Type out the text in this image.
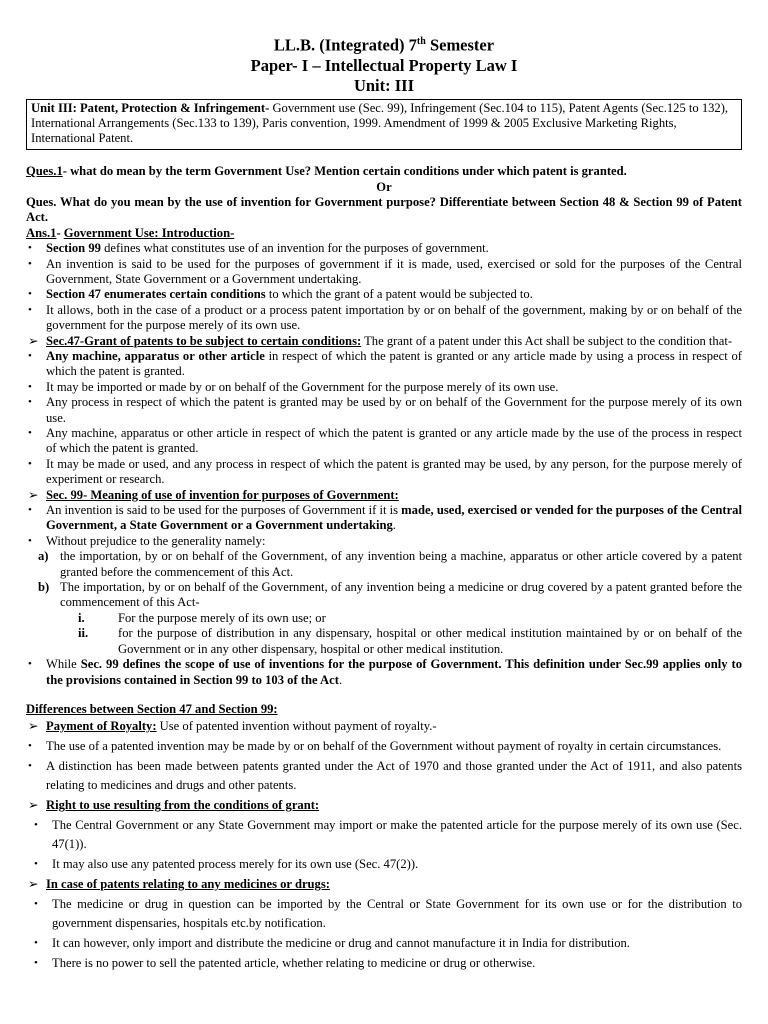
LL.B. (Integrated) 7th Semester
Paper- I – Intellectual Property Law I
Unit: III
Unit III: Patent, Protection & Infringement- Government use (Sec. 99), Infringement (Sec.104 to 115), Patent Agents (Sec.125 to 132), International Arrangements (Sec.133 to 139), Paris convention, 1999. Amendment of 1999 & 2005 Exclusive Marketing Rights, International Patent.

Ques.1- what do mean by the term Government Use? Mention certain conditions under which patent is granted.

Or

Ques. What do you mean by the use of invention for Government purpose? Differentiate between Section 48 & Section 99 of Patent Act.

Ans.1- Government Use: Introduction-

•	Section 99 defines what constitutes use of an invention for the purposes of government.
•	An invention is said to be used for the purposes of government if it is made, used, exercised or sold for the purposes of the Central Government, State Government or a Government undertaking.
•	Section 47 enumerates certain conditions to which the grant of a patent would be subjected to.
•	It allows, both in the case of a product or a process patent importation by or on behalf of the government, making by or on behalf of the government for the purpose merely of its own use.
➢ Sec.47-Grant of patents to be subject to certain conditions: The grant of a patent under this Act shall be subject to the condition that-
•	Any machine, apparatus or other article in respect of which the patent is granted or any article made by using a process in respect of which the patent is granted.
•	It may be imported or made by or on behalf of the Government for the purpose merely of its own use.
•	Any process in respect of which the patent is granted may be used by or on behalf of the Government for the purpose merely of its own use.
•	Any machine, apparatus or other article in respect of which the patent is granted or any article made by the use of the process in respect of which the patent is granted.
•	It may be made or used, and any process in respect of which the patent is granted may be used, by any person, for the purpose merely of experiment or research.
➢ Sec. 99- Meaning of use of invention for purposes of Government:
•	An invention is said to be used for the purposes of Government if it is made, used, exercised or vended for the purposes of the Central Government, a State Government or a Government undertaking.
•	Without prejudice to the generality namely:
a) the importation, by or on behalf of the Government, of any invention being a machine, apparatus or other article covered by a patent granted before the commencement of this Act.
b) The importation, by or on behalf of the Government, of any invention being a medicine or drug covered by a patent granted before the commencement of this Act-
i.	For the purpose merely of its own use; or
ii.	for the purpose of distribution in any dispensary, hospital or other medical institution maintained by or on behalf of the Government or in any other dispensary, hospital or other medical institution.
•	While Sec. 99 defines the scope of use of inventions for the purpose of Government. This definition under Sec.99 applies only to the provisions contained in Section 99 to 103 of the Act.

Differences between Section 47 and Section 99:

➢ Payment of Royalty: Use of patented invention without payment of royalty.-
•	The use of a patented invention may be made by or on behalf of the Government without payment of royalty in certain circumstances.
•	A distinction has been made between patents granted under the Act of 1970 and those granted under the Act of 1911, and also patents relating to medicines and drugs and other patents.
➢ Right to use resulting from the conditions of grant:
•	The Central Government or any State Government may import or make the patented article for the purpose merely of its own use (Sec. 47(1)).
•	It may also use any patented process merely for its own use (Sec. 47(2)).
➢ In case of patents relating to any medicines or drugs:
•	The medicine or drug in question can be imported by the Central or State Government for its own use or for the distribution to government dispensaries, hospitals etc.by notification.
•	It can however, only import and distribute the medicine or drug and cannot manufacture it in India for distribution.
•	There is no power to sell the patented article, whether relating to medicine or drug or otherwise.
